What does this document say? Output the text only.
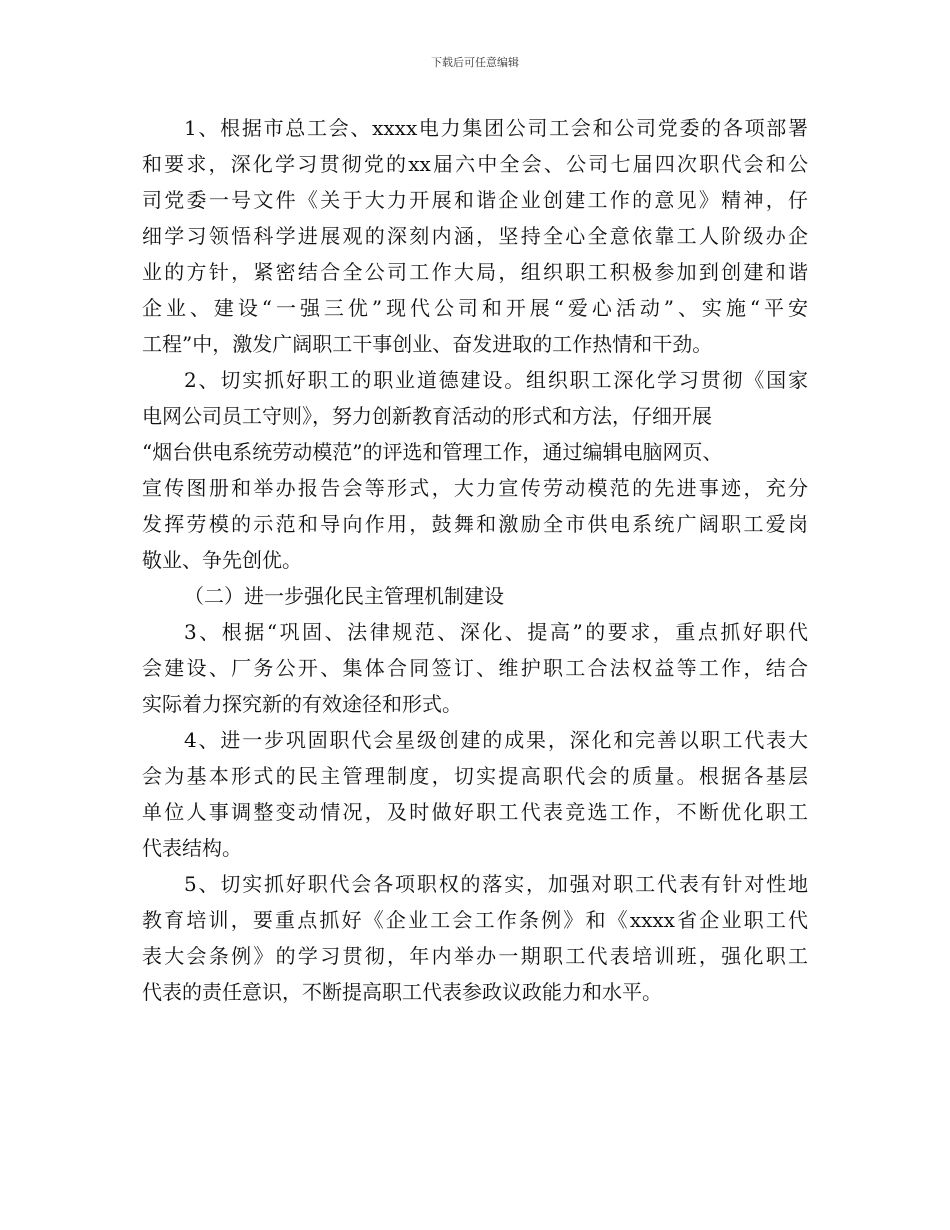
下载后可任意编辑
1、根据市总工会、xxxx电力集团公司工会和公司党委的各项部署
和要求，深化学习贯彻党的xx届六中全会、公司七届四次职代会和公
司党委一号文件《关于大力开展和谐企业创建工作的意见》精神，仔
细学习领悟科学进展观的深刻内涵，坚持全心全意依靠工人阶级办企
业的方针，紧密结合全公司工作大局，组织职工积极参加到创建和谐
企业、建设“一强三优”现代公司和开展“爱心活动”、实施“平安
工程”中，激发广阔职工干事创业、奋发进取的工作热情和干劲。
2、切实抓好职工的职业道德建设。组织职工深化学习贯彻《国家
电网公司员工守则》，努力创新教育活动的形式和方法，仔细开展
“烟台供电系统劳动模范”的评选和管理工作，通过编辑电脑网页、
宣传图册和举办报告会等形式，大力宣传劳动模范的先进事迹，充分
发挥劳模的示范和导向作用，鼓舞和激励全市供电系统广阔职工爱岗
敬业、争先创优。
（二）进一步强化民主管理机制建设
3、根据“巩固、法律规范、深化、提高”的要求，重点抓好职代
会建设、厂务公开、集体合同签订、维护职工合法权益等工作，结合
实际着力探究新的有效途径和形式。
4、进一步巩固职代会星级创建的成果，深化和完善以职工代表大
会为基本形式的民主管理制度，切实提高职代会的质量。根据各基层
单位人事调整变动情况，及时做好职工代表竞选工作，不断优化职工
代表结构。
5、切实抓好职代会各项职权的落实，加强对职工代表有针对性地
教育培训，要重点抓好《企业工会工作条例》和《xxxx省企业职工代
表大会条例》的学习贯彻，年内举办一期职工代表培训班，强化职工
代表的责任意识，不断提高职工代表参政议政能力和水平。
